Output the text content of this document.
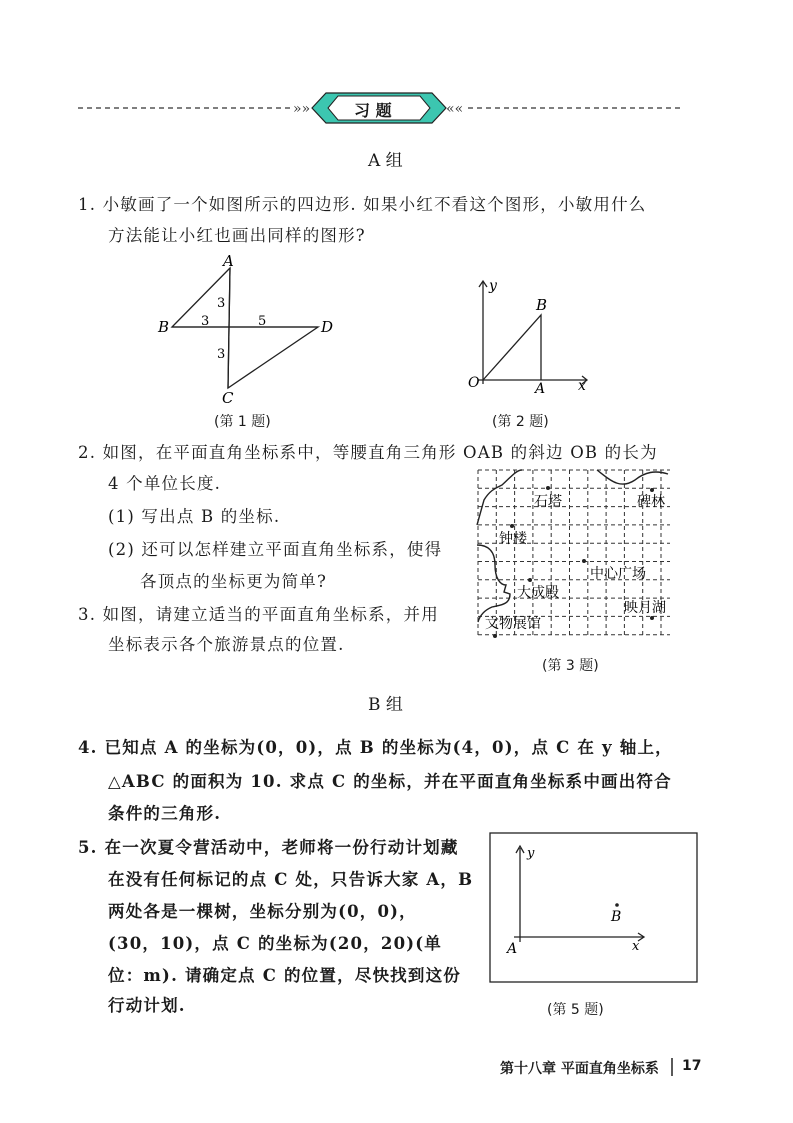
»»	««
A
B	D
C
3
3	5
3
y
B
O	A x
石塔	碑林
钟楼
中心广场
大成殿
映月湖
文物展馆
y
B
A	x
习 题
A 组
1. 小敏画了一个如图所示的四边形. 如果小红不看这个图形，小敏用什么
方法能让小红也画出同样的图形?
(第 1 题)	(第 2 题)
2. 如图，在平面直角坐标系中，等腰直角三角形 OAB 的斜边 OB 的长为
4 个单位长度.
(1) 写出点 B 的坐标.
(2) 还可以怎样建立平面直角坐标系，使得
各顶点的坐标更为简单?
3. 如图，请建立适当的平面直角坐标系，并用
坐标表示各个旅游景点的位置.
(第 3 题)
B 组
4. 已知点 A 的坐标为(0，0)，点 B 的坐标为(4，0)，点 C 在 y 轴上，
△ABC 的面积为 10. 求点 C 的坐标，并在平面直角坐标系中画出符合
条件的三角形.
5. 在一次夏令营活动中，老师将一份行动计划藏
在没有任何标记的点 C 处，只告诉大家 A，B
两处各是一棵树，坐标分别为(0，0)，
(30，10)，点 C 的坐标为(20，20)(单
位：m). 请确定点 C 的位置，尽快找到这份
行动计划.	(第 5 题)
第十八章 平面直角坐标系 17
